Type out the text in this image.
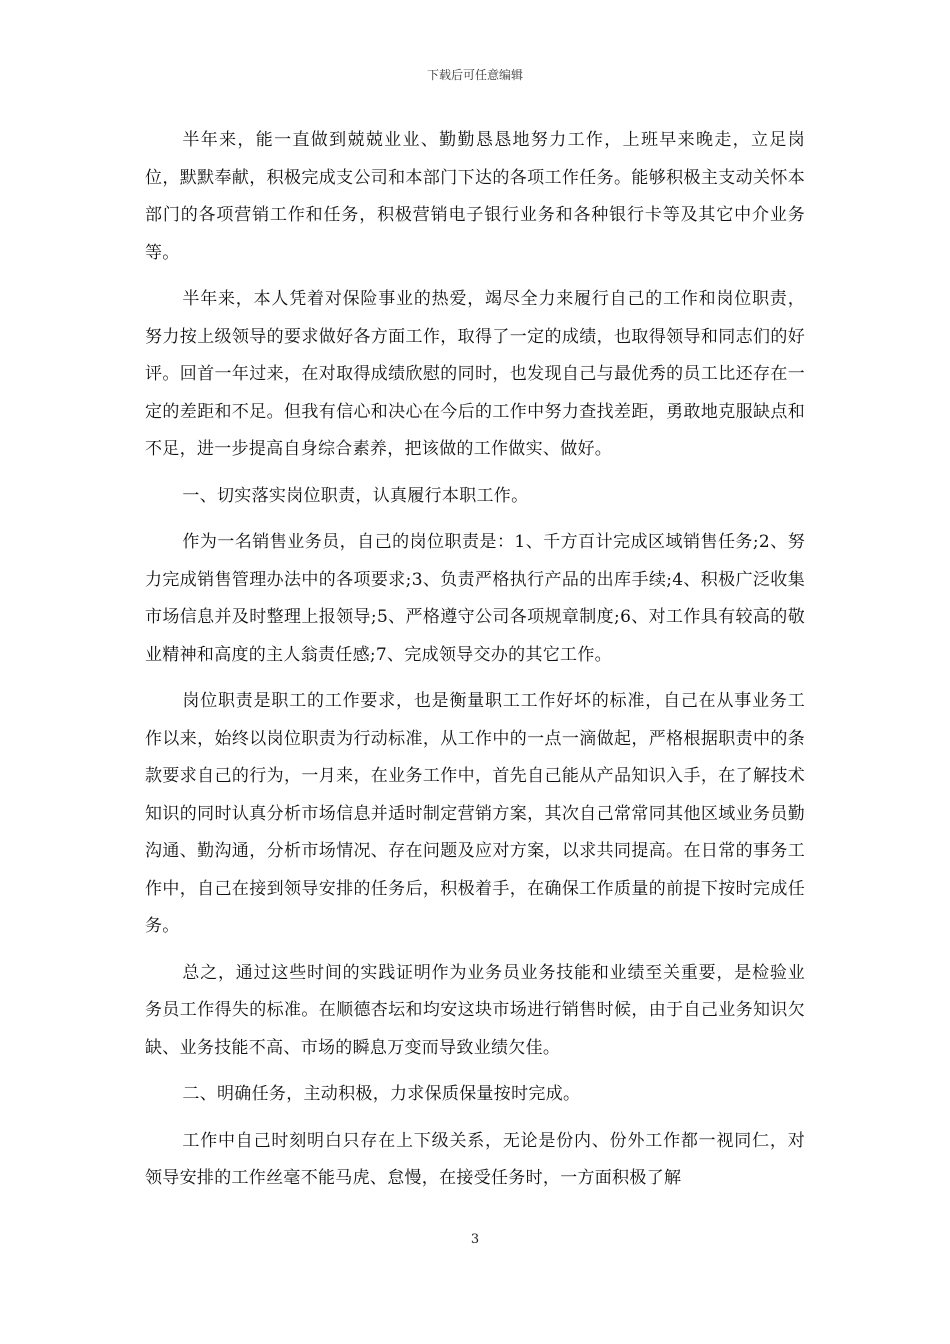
下载后可任意编辑

半年来，能一直做到兢兢业业、勤勤恳恳地努力工作，上班早来晚走，立足岗位，默默奉献，积极完成支公司和本部门下达的各项工作任务。能够积极主支动关怀本部门的各项营销工作和任务，积极营销电子银行业务和各种银行卡等及其它中介业务等。

半年来，本人凭着对保险事业的热爱，竭尽全力来履行自己的工作和岗位职责，努力按上级领导的要求做好各方面工作，取得了一定的成绩，也取得领导和同志们的好评。回首一年过来，在对取得成绩欣慰的同时，也发现自己与最优秀的员工比还存在一定的差距和不足。但我有信心和决心在今后的工作中努力查找差距，勇敢地克服缺点和不足，进一步提高自身综合素养，把该做的工作做实、做好。

一、切实落实岗位职责，认真履行本职工作。

作为一名销售业务员，自己的岗位职责是：1、千方百计完成区域销售任务;2、努力完成销售管理办法中的各项要求;3、负责严格执行产品的出库手续;4、积极广泛收集市场信息并及时整理上报领导;5、严格遵守公司各项规章制度;6、对工作具有较高的敬业精神和高度的主人翁责任感;7、完成领导交办的其它工作。

岗位职责是职工的工作要求，也是衡量职工工作好坏的标准，自己在从事业务工作以来，始终以岗位职责为行动标准，从工作中的一点一滴做起，严格根据职责中的条款要求自己的行为，一月来，在业务工作中，首先自己能从产品知识入手，在了解技术知识的同时认真分析市场信息并适时制定营销方案，其次自己常常同其他区域业务员勤沟通、勤沟通，分析市场情况、存在问题及应对方案，以求共同提高。在日常的事务工作中，自己在接到领导安排的任务后，积极着手，在确保工作质量的前提下按时完成任务。

总之，通过这些时间的实践证明作为业务员业务技能和业绩至关重要，是检验业务员工作得失的标准。在顺德杏坛和均安这块市场进行销售时候，由于自己业务知识欠缺、业务技能不高、市场的瞬息万变而导致业绩欠佳。

二、明确任务，主动积极，力求保质保量按时完成。

工作中自己时刻明白只存在上下级关系，无论是份内、份外工作都一视同仁，对领导安排的工作丝毫不能马虎、怠慢，在接受任务时，一方面积极了解

3
